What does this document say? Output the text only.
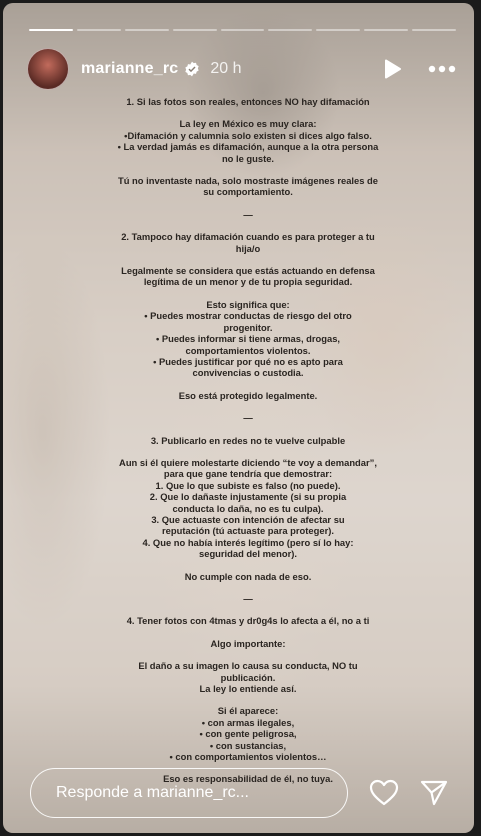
marianne_rc 20 h

1. Si las fotos son reales, entonces NO hay difamación

La ley en México es muy clara:

•Difamación y calumnia solo existen si dices algo falso.

• La verdad jamás es difamación, aunque a la otra persona

no le guste.

Tú no inventaste nada, solo mostraste imágenes reales de

su comportamiento.

—

2. Tampoco hay difamación cuando es para proteger a tu

hija/o

Legalmente se considera que estás actuando en defensa

legítima de un menor y de tu propia seguridad.

Esto significa que:

• Puedes mostrar conductas de riesgo del otro

progenitor.

• Puedes informar si tiene armas, drogas,

comportamientos violentos.

• Puedes justificar por qué no es apto para

convivencias o custodia.

Eso está protegido legalmente.

—

3. Publicarlo en redes no te vuelve culpable

Aun si él quiere molestarte diciendo “te voy a demandar”,

para que gane tendría que demostrar:

1. Que lo que subiste es falso (no puede).

2. Que lo dañaste injustamente (si su propia

conducta lo daña, no es tu culpa).

3. Que actuaste con intención de afectar su

reputación (tú actuaste para proteger).

4. Que no había interés legítimo (pero sí lo hay:

seguridad del menor).

No cumple con nada de eso.

—

4. Tener fotos con 4tmas y dr0g4s lo afecta a él, no a ti

Algo importante:

El daño a su imagen lo causa su conducta, NO tu

publicación.

La ley lo entiende así.

Si él aparece:

• con armas ilegales,

• con gente peligrosa,

• con sustancias,

• con comportamientos violentos…

Eso es responsabilidad de él, no tuya.

Responde a marianne_rc...
